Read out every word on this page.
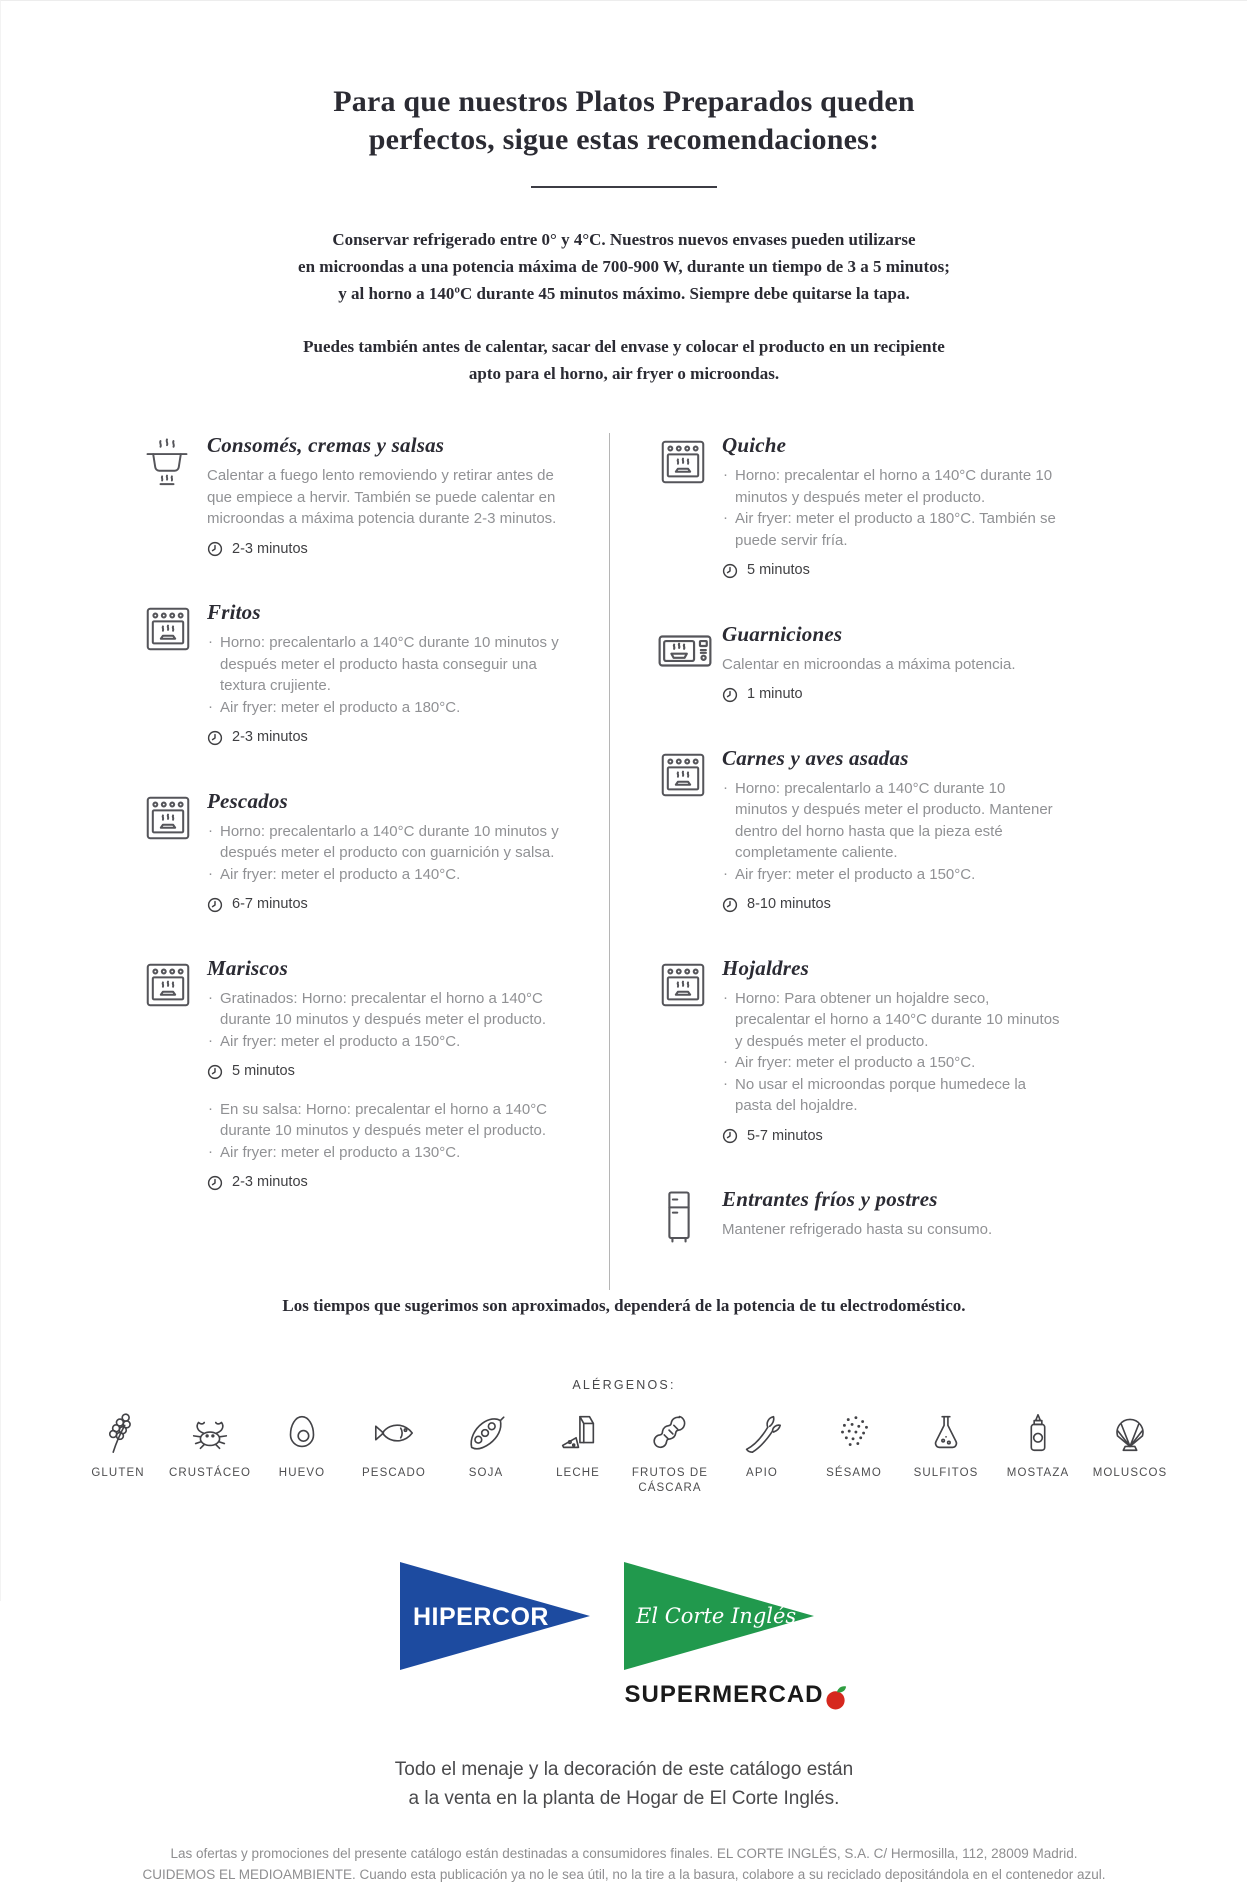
Para que nuestros Platos Preparados queden
perfectos, sigue estas recomendaciones:

Conservar refrigerado entre 0° y 4°C. Nuestros nuevos envases pueden utilizarse
en microondas a una potencia máxima de 700-900 W, durante un tiempo de 3 a 5 minutos;
y al horno a 140ºC durante 45 minutos máximo. Siempre debe quitarse la tapa.

Puedes también antes de calentar, sacar del envase y colocar el producto en un recipiente
apto para el horno, air fryer o microondas.

Consomés, cremas y salsas
Calentar a fuego lento removiendo y retirar antes de que empiece a hervir. También se puede calentar en microondas a máxima potencia durante 2-3 minutos.
2-3 minutos
Fritos
· Horno: precalentarlo a 140°C durante 10 minutos y después meter el producto hasta conseguir una textura crujiente.
· Air fryer: meter el producto a 180°C.
2-3 minutos
Pescados
· Horno: precalentarlo a 140°C durante 10 minutos y después meter el producto con guarnición y salsa.
· Air fryer: meter el producto a 140°C.
6-7 minutos
Mariscos
· Gratinados: Horno: precalentar el horno a 140°C durante 10 minutos y después meter el producto.
· Air fryer: meter el producto a 150°C.
5 minutos
· En su salsa: Horno: precalentar el horno a 140°C durante 10 minutos y después meter el producto.
· Air fryer: meter el producto a 130°C.
2-3 minutos
Quiche
· Horno: precalentar el horno a 140°C durante 10 minutos y después meter el producto.
· Air fryer: meter el producto a 180°C. También se puede servir fría.
5 minutos
Guarniciones
Calentar en microondas a máxima potencia.
1 minuto
Carnes y aves asadas
· Horno: precalentarlo a 140°C durante 10 minutos y después meter el producto. Mantener dentro del horno hasta que la pieza esté completamente caliente.
· Air fryer: meter el producto a 150°C.
8-10 minutos
Hojaldres
· Horno: Para obtener un hojaldre seco, precalentar el horno a 140°C durante 10 minutos y después meter el producto.
· Air fryer: meter el producto a 150°C.
· No usar el microondas porque humedece la pasta del hojaldre.
5-7 minutos
Entrantes fríos y postres
Mantener refrigerado hasta su consumo.

Los tiempos que sugerimos son aproximados, dependerá de la potencia de tu electrodoméstico.

ALÉRGENOS:
GLUTEN CRUSTÁCEO HUEVO	PESCADO	SOJA	LECHE	FRUTOS DE CÁSCARA
APIO	SÉSAMO	SULFITOS MOSTAZA MOLUSCOS
HIPERCOR	El Corte Inglés
SUPERMERCAD

Todo el menaje y la decoración de este catálogo están
a la venta en la planta de Hogar de El Corte Inglés.

Las ofertas y promociones del presente catálogo están destinadas a consumidores finales. EL CORTE INGLÉS, S.A. C/ Hermosilla, 112, 28009 Madrid.
CUIDEMOS EL MEDIOAMBIENTE. Cuando esta publicación ya no le sea útil, no la tire a la basura, colabore a su reciclado depositándola en el contenedor azul.
